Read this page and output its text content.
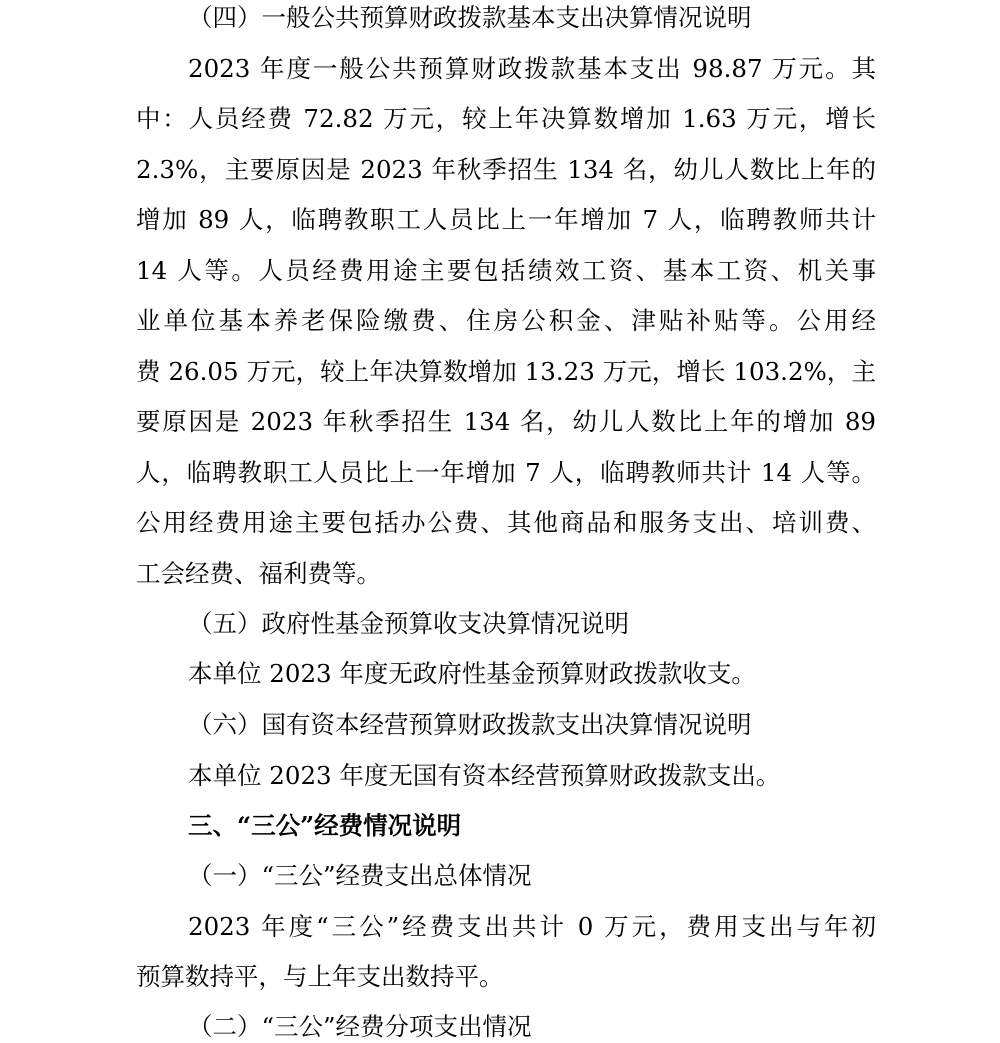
（四）一般公共预算财政拨款基本支出决算情况说明
2023 年度一般公共预算财政拨款基本支出 98.87 万元。其
中：人员经费 72.82 万元，较上年决算数增加 1.63 万元，增长
2.3%，主要原因是 2023 年秋季招生 134 名，幼儿人数比上年的
增加 89 人，临聘教职工人员比上一年增加 7 人，临聘教师共计
14 人等。人员经费用途主要包括绩效工资、基本工资、机关事
业单位基本养老保险缴费、住房公积金、津贴补贴等。公用经
费 26.05 万元，较上年决算数增加 13.23 万元，增长 103.2%，主
要原因是 2023 年秋季招生 134 名，幼儿人数比上年的增加 89
人，临聘教职工人员比上一年增加 7 人，临聘教师共计 14 人等。
公用经费用途主要包括办公费、其他商品和服务支出、培训费、
工会经费、福利费等。
（五）政府性基金预算收支决算情况说明
本单位 2023 年度无政府性基金预算财政拨款收支。
（六）国有资本经营预算财政拨款支出决算情况说明
本单位 2023 年度无国有资本经营预算财政拨款支出。
三、“三公”经费情况说明
（一）“三公”经费支出总体情况
2023 年度“三公”经费支出共计 0 万元，费用支出与年初
预算数持平，与上年支出数持平。
（二）“三公”经费分项支出情况
